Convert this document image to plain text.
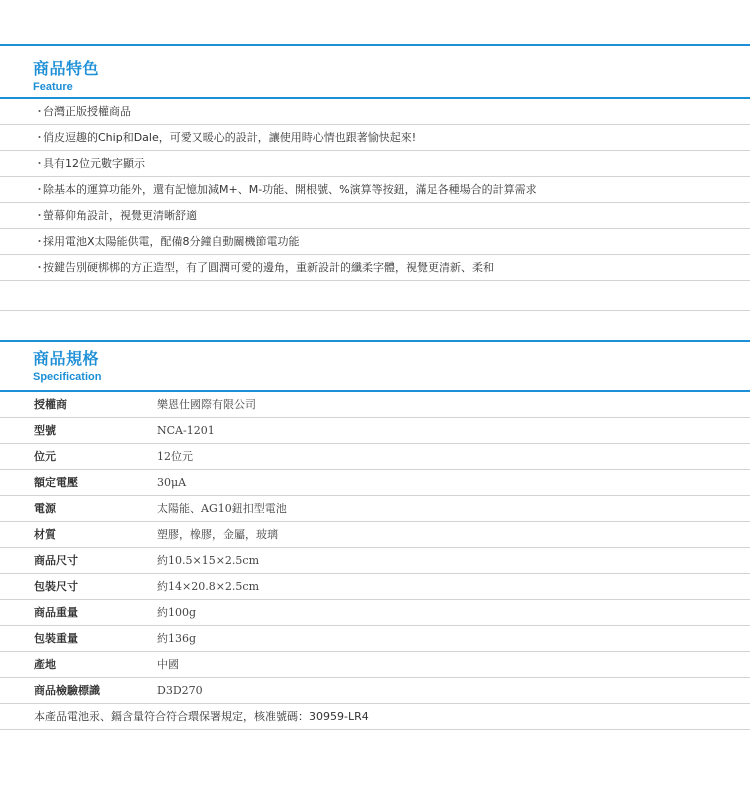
商品特色
Feature
・台灣正版授權商品
・俏皮逗趣的Chip和Dale，可愛又暖心的設計，讓使用時心情也跟著愉快起來!
・具有12位元數字顯示
・除基本的運算功能外，還有記憶加減M+、M-功能、開根號、%演算等按鈕，滿足各種場合的計算需求
・螢幕仰角設計，視覺更清晰舒適
・採用電池X太陽能供電，配備8分鐘自動關機節電功能
・按鍵告別硬梆梆的方正造型，有了圓潤可愛的邊角，重新設計的纖柔字體，視覺更清新、柔和
商品規格
Specification
授權商	樂恩仕國際有限公司
型號	NCA-1201
位元	12位元
額定電壓	30μA
電源	太陽能、AG10鈕扣型電池
材質	塑膠，橡膠，金屬，玻璃
商品尺寸	約10.5×15×2.5cm
包裝尺寸	約14×20.8×2.5cm
商品重量	約100g
包裝重量	約136g
產地	中國
商品檢驗標識	D3D270
本產品電池汞、鎘含量符合符合環保署規定，核准號碼：30959-LR4
